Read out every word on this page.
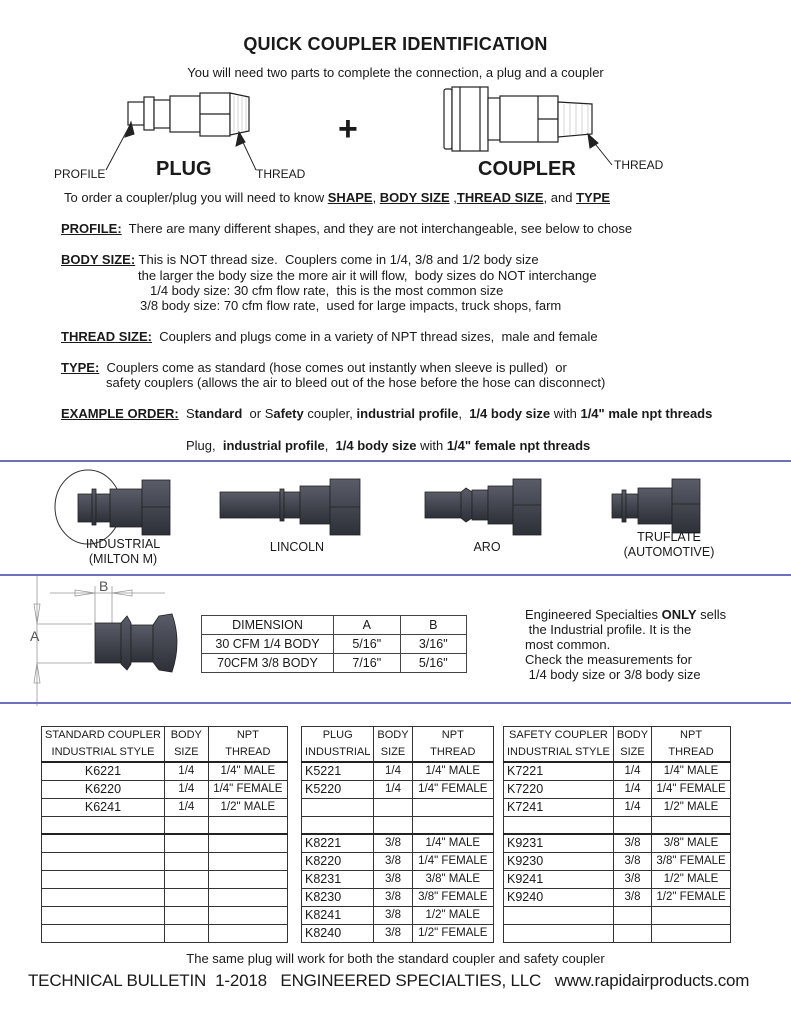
QUICK COUPLER IDENTIFICATION
You will need two parts to complete the connection, a plug and a coupler
+
PROFILE	PLUG	THREAD	COUPLER	THREAD
To order a coupler/plug you will need to know SHAPE, BODY SIZE ,THREAD SIZE, and TYPE
PROFILE:  There are many different shapes, and they are not interchangeable, see below to chose
BODY SIZE: This is NOT thread size.  Couplers come in 1/4, 3/8 and 1/2 body size
the larger the body size the more air it will flow,  body sizes do NOT interchange
1/4 body size: 30 cfm flow rate,  this is the most common size
3/8 body size: 70 cfm flow rate,  used for large impacts, truck shops, farm
THREAD SIZE:  Couplers and plugs come in a variety of NPT thread sizes,  male and female
TYPE:  Couplers come as standard (hose comes out instantly when sleeve is pulled)  or
safety couplers (allows the air to bleed out of the hose before the hose can disconnect)
EXAMPLE ORDER:  Standard  or Safety coupler, industrial profile,  1/4 body size with 1/4" male npt threads
Plug,  industrial profile,  1/4 body size with 1/4" female npt threads
INDUSTRIAL
(MILTON M)
LINCOLN	ARO
TRUFLATE
(AUTOMOTIVE)
B
A
DIMENSION	A	B
30 CFM 1/4 BODY	5/16"	3/16"
70CFM 3/8 BODY	7/16"	5/16"
Engineered Specialties ONLY sells
the Industrial profile. It is the
most common.
Check the measurements for
1/4 body size or 3/8 body size
STANDARD COUPLER
INDUSTRIAL STYLE

BODY
SIZE

NPT
THREAD

K6221	1/4	1/4" MALE
K6220	1/4	1/4" FEMALE
K6241	1/4	1/2" MALE

PLUG
INDUSTRIAL

BODY
SIZE

NPT
THREAD

K5221	1/4	1/4" MALE
K5220	1/4	1/4" FEMALE

K8221	3/8	1/4" MALE
K8220	3/8	1/4" FEMALE
K8231	3/8	3/8" MALE
K8230	3/8	3/8" FEMALE
K8241	3/8	1/2" MALE
K8240	3/8	1/2" FEMALE
SAFETY COUPLER
INDUSTRIAL STYLE

BODY
SIZE

NPT
THREAD

K7221	1/4	1/4" MALE
K7220	1/4	1/4" FEMALE
K7241	1/4	1/2" MALE

K9231	3/8	3/8" MALE
K9230	3/8	3/8" FEMALE
K9241	3/8	1/2" MALE
K9240	3/8	1/2" FEMALE

The same plug will work for both the standard coupler and safety coupler
TECHNICAL BULLETIN  1-2018   ENGINEERED SPECIALTIES, LLC   www.rapidairproducts.com
